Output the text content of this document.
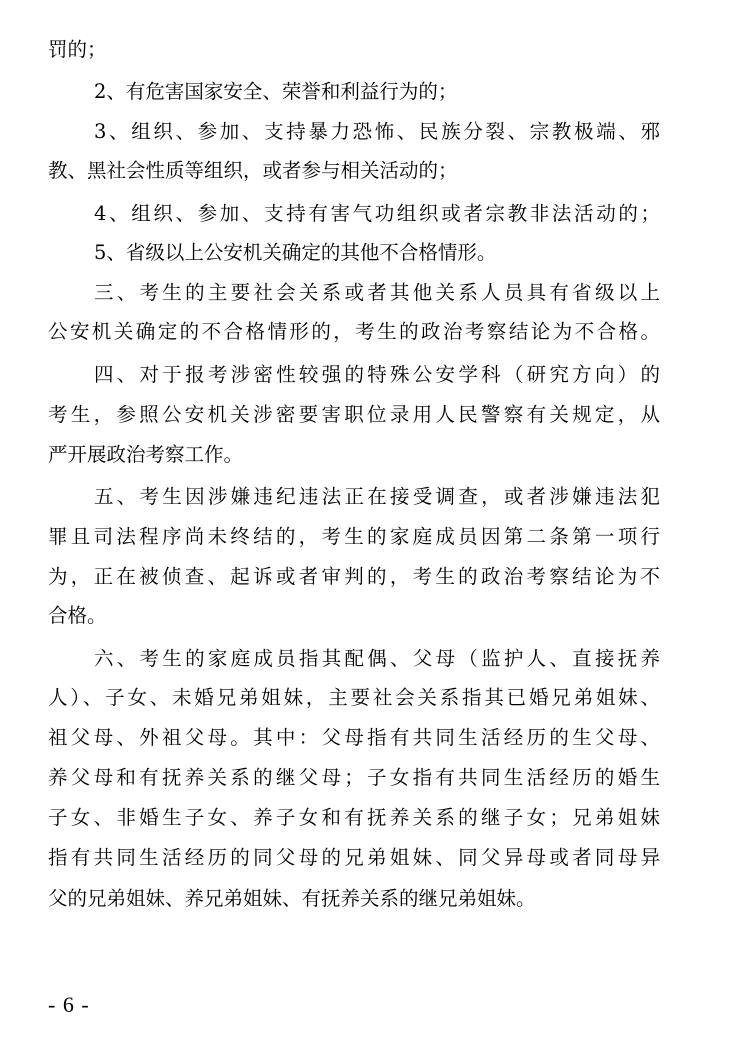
罚的；
2、有危害国家安全、荣誉和利益行为的；
3、组织、参加、支持暴力恐怖、民族分裂、宗教极端、邪
教、黑社会性质等组织，或者参与相关活动的；
4、组织、参加、支持有害气功组织或者宗教非法活动的；
5、省级以上公安机关确定的其他不合格情形。
三、考生的主要社会关系或者其他关系人员具有省级以上
公安机关确定的不合格情形的，考生的政治考察结论为不合格。
四、对于报考涉密性较强的特殊公安学科（研究方向）的
考生，参照公安机关涉密要害职位录用人民警察有关规定，从
严开展政治考察工作。
五、考生因涉嫌违纪违法正在接受调查，或者涉嫌违法犯
罪且司法程序尚未终结的，考生的家庭成员因第二条第一项行
为，正在被侦查、起诉或者审判的，考生的政治考察结论为不
合格。
六、考生的家庭成员指其配偶、父母（监护人、直接抚养
人）、子女、未婚兄弟姐妹，主要社会关系指其已婚兄弟姐妹、
祖父母、外祖父母。其中：父母指有共同生活经历的生父母、
养父母和有抚养关系的继父母；子女指有共同生活经历的婚生
子女、非婚生子女、养子女和有抚养关系的继子女；兄弟姐妹
指有共同生活经历的同父母的兄弟姐妹、同父异母或者同母异
父的兄弟姐妹、养兄弟姐妹、有抚养关系的继兄弟姐妹。
- 6 -
